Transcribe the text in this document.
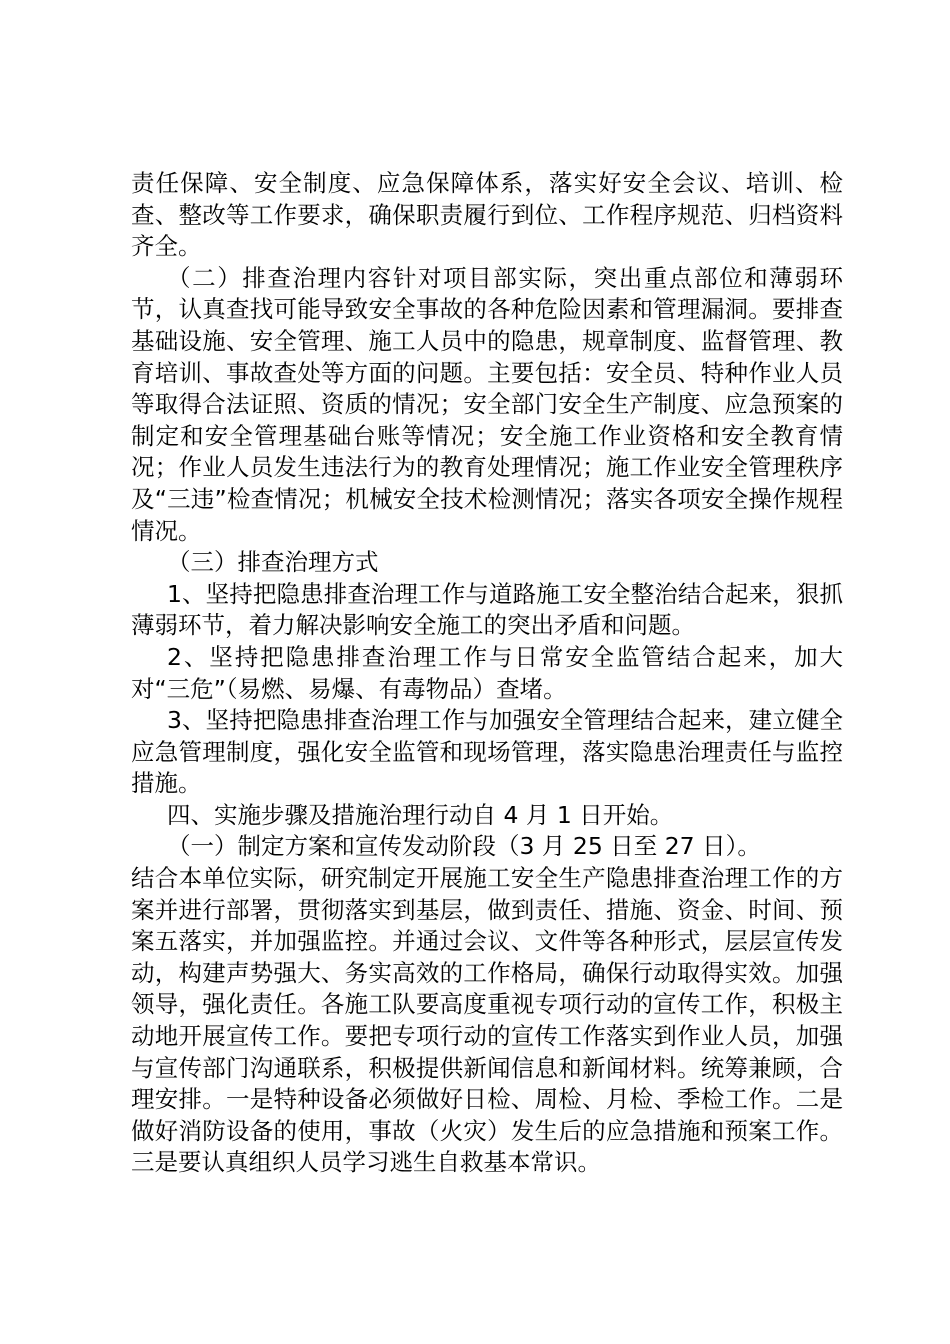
责任保障、安全制度、应急保障体系，落实好安全会议、培训、检查、整改等工作要求，确保职责履行到位、工作程序规范、归档资料齐全。

（二）排查治理内容针对项目部实际，突出重点部位和薄弱环节，认真查找可能导致安全事故的各种危险因素和管理漏洞。要排查基础设施、安全管理、施工人员中的隐患，规章制度、监督管理、教育培训、事故查处等方面的问题。主要包括：安全员、特种作业人员等取得合法证照、资质的情况；安全部门安全生产制度、应急预案的制定和安全管理基础台账等情况；安全施工作业资格和安全教育情况；作业人员发生违法行为的教育处理情况；施工作业安全管理秩序及“三违”检查情况；机械安全技术检测情况；落实各项安全操作规程情况。

（三）排查治理方式

1、坚持把隐患排查治理工作与道路施工安全整治结合起来，狠抓薄弱环节，着力解决影响安全施工的突出矛盾和问题。

2、坚持把隐患排查治理工作与日常安全监管结合起来，加大对“三危”（易燃、易爆、有毒物品）查堵。

3、坚持把隐患排查治理工作与加强安全管理结合起来，建立健全应急管理制度，强化安全监管和现场管理，落实隐患治理责任与监控措施。

四、实施步骤及措施治理行动自 4 月 1 日开始。

（一）制定方案和宣传发动阶段（3 月 25 日至 27 日）。

结合本单位实际，研究制定开展施工安全生产隐患排查治理工作的方案并进行部署，贯彻落实到基层，做到责任、措施、资金、时间、预案五落实，并加强监控。并通过会议、文件等各种形式，层层宣传发动，构建声势强大、务实高效的工作格局，确保行动取得实效。加强领导，强化责任。各施工队要高度重视专项行动的宣传工作，积极主动地开展宣传工作。要把专项行动的宣传工作落实到作业人员，加强与宣传部门沟通联系，积极提供新闻信息和新闻材料。统筹兼顾，合理安排。一是特种设备必须做好日检、周检、月检、季检工作。二是做好消防设备的使用，事故（火灾）发生后的应急措施和预案工作。三是要认真组织人员学习逃生自救基本常识。
